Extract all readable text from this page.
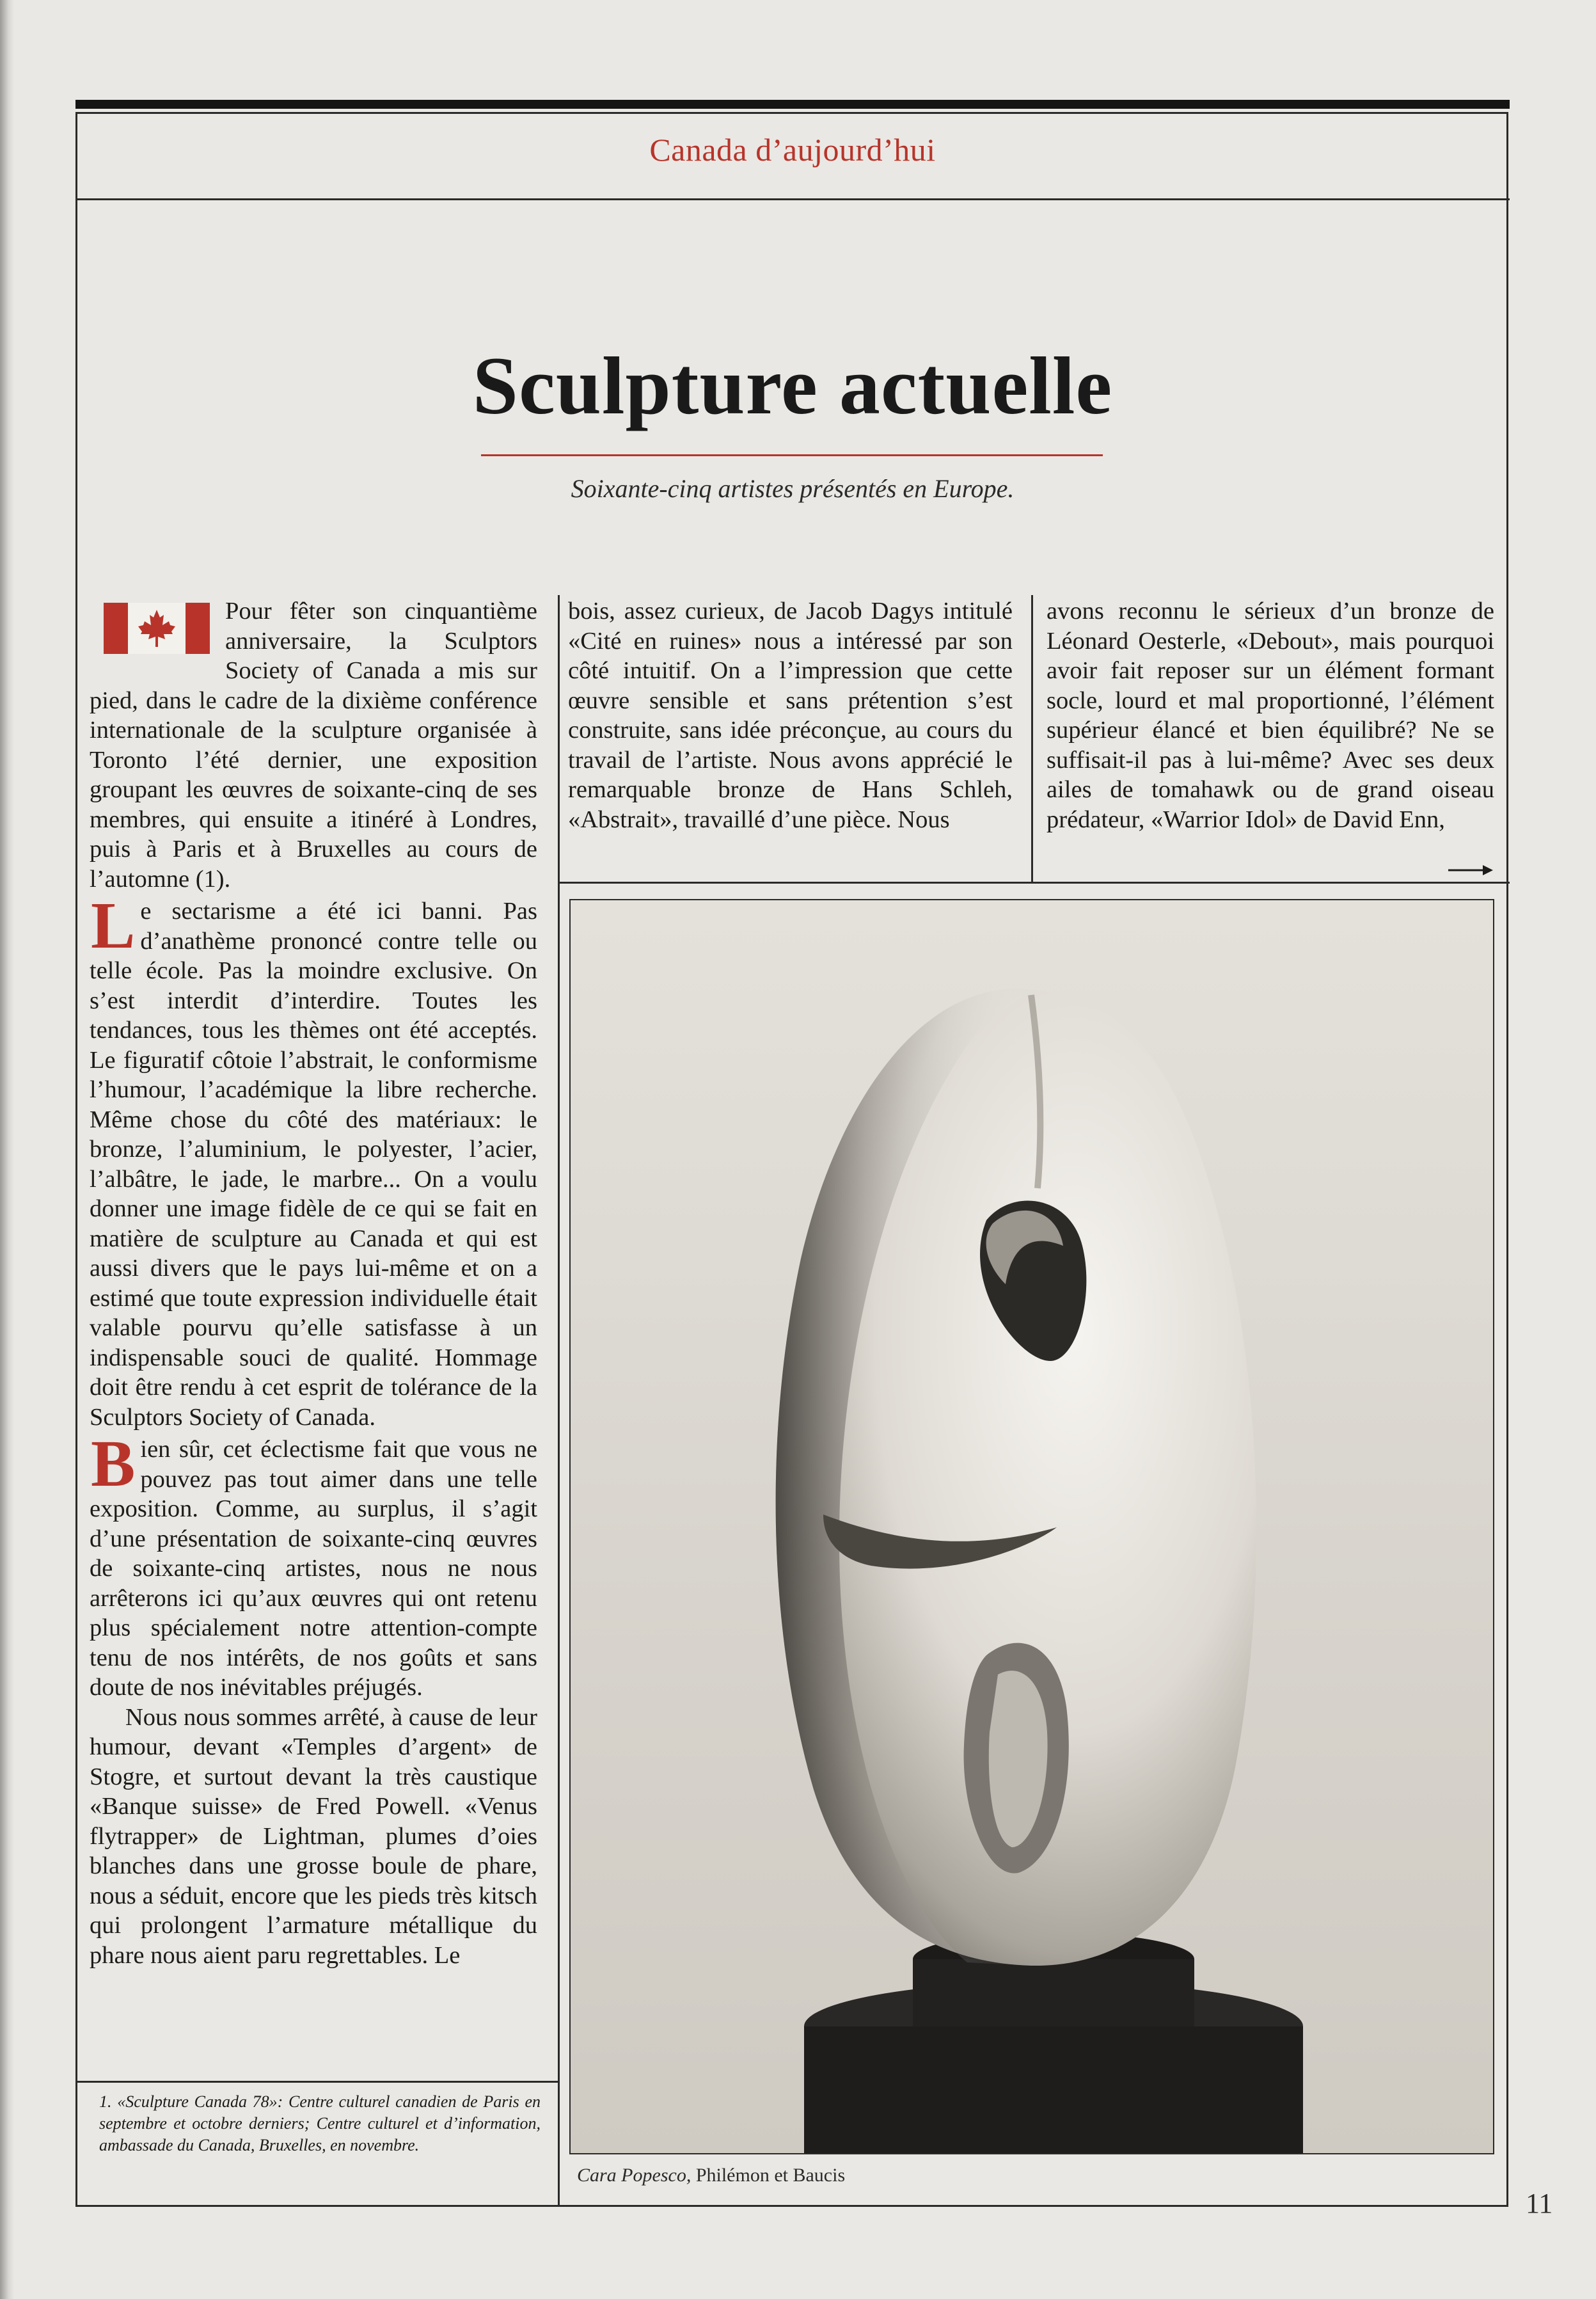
Canada d’aujourd’hui
Sculpture actuelle
Soixante-cinq artistes présentés en Europe.

Pour fêter son cinquantième anniversaire, la Sculptors Society of Canada a mis sur pied, dans le cadre de la dixième conférence internationale de la sculpture organisée à Toronto l’été dernier, une exposition groupant les œuvres de soixante-cinq de ses membres, qui ensuite a itinéré à Londres, puis à Paris et à Bruxelles au cours de l’automne (1).

Le sectarisme a été ici banni. Pas d’anathème prononcé contre telle ou telle école. Pas la moindre exclusive. On s’est interdit d’interdire. Toutes les tendances, tous les thèmes ont été acceptés. Le figuratif côtoie l’abstrait, le conformisme l’humour, l’académique la libre recherche. Même chose du côté des matériaux: le bronze, l’aluminium, le polyester, l’acier, l’albâtre, le jade, le marbre... On a voulu donner une image fidèle de ce qui se fait en matière de sculpture au Canada et qui est aussi divers que le pays lui-même et on a estimé que toute expression individuelle était valable pourvu qu’elle satisfasse à un indispensable souci de qualité. Hommage doit être rendu à cet esprit de tolérance de la Sculptors Society of Canada.

Bien sûr, cet éclectisme fait que vous ne pouvez pas tout aimer dans une telle exposition. Comme, au surplus, il s’agit d’une présentation de soixante-cinq œuvres de soixante-cinq artistes, nous ne nous arrêterons ici qu’aux œuvres qui ont retenu plus spécialement notre attention-compte tenu de nos intérêts, de nos goûts et sans doute de nos inévitables préjugés.

Nous nous sommes arrêté, à cause de leur humour, devant «Temples d’argent» de Stogre, et surtout devant la très caustique «Banque suisse» de Fred Powell. «Venus flytrapper» de Lightman, plumes d’oies blanches dans une grosse boule de phare, nous a séduit, encore que les pieds très kitsch qui prolongent l’armature métallique du phare nous aient paru regrettables. Le

bois, assez curieux, de Jacob Dagys intitulé «Cité en ruines» nous a intéressé par son côté intuitif. On a l’impression que cette œuvre sensible et sans prétention s’est construite, sans idée préconçue, au cours du travail de l’artiste. Nous avons apprécié le remarquable bronze de Hans Schleh, «Abstrait», travaillé d’une pièce. Nous

avons reconnu le sérieux d’un bronze de Léonard Oesterle, «Debout», mais pourquoi avoir fait reposer sur un élément formant socle, lourd et mal proportionné, l’élément supérieur élancé et bien équilibré? Ne se suffisait-il pas à lui-même? Avec ses deux ailes de tomahawk ou de grand oiseau prédateur, «Warrior Idol» de David Enn,

Cara Popesco, Philémon et Baucis
1. «Sculpture Canada 78»: Centre culturel canadien de Paris en septembre et octobre derniers; Centre culturel et d’information, ambassade du Canada, Bruxelles, en novembre.
11
